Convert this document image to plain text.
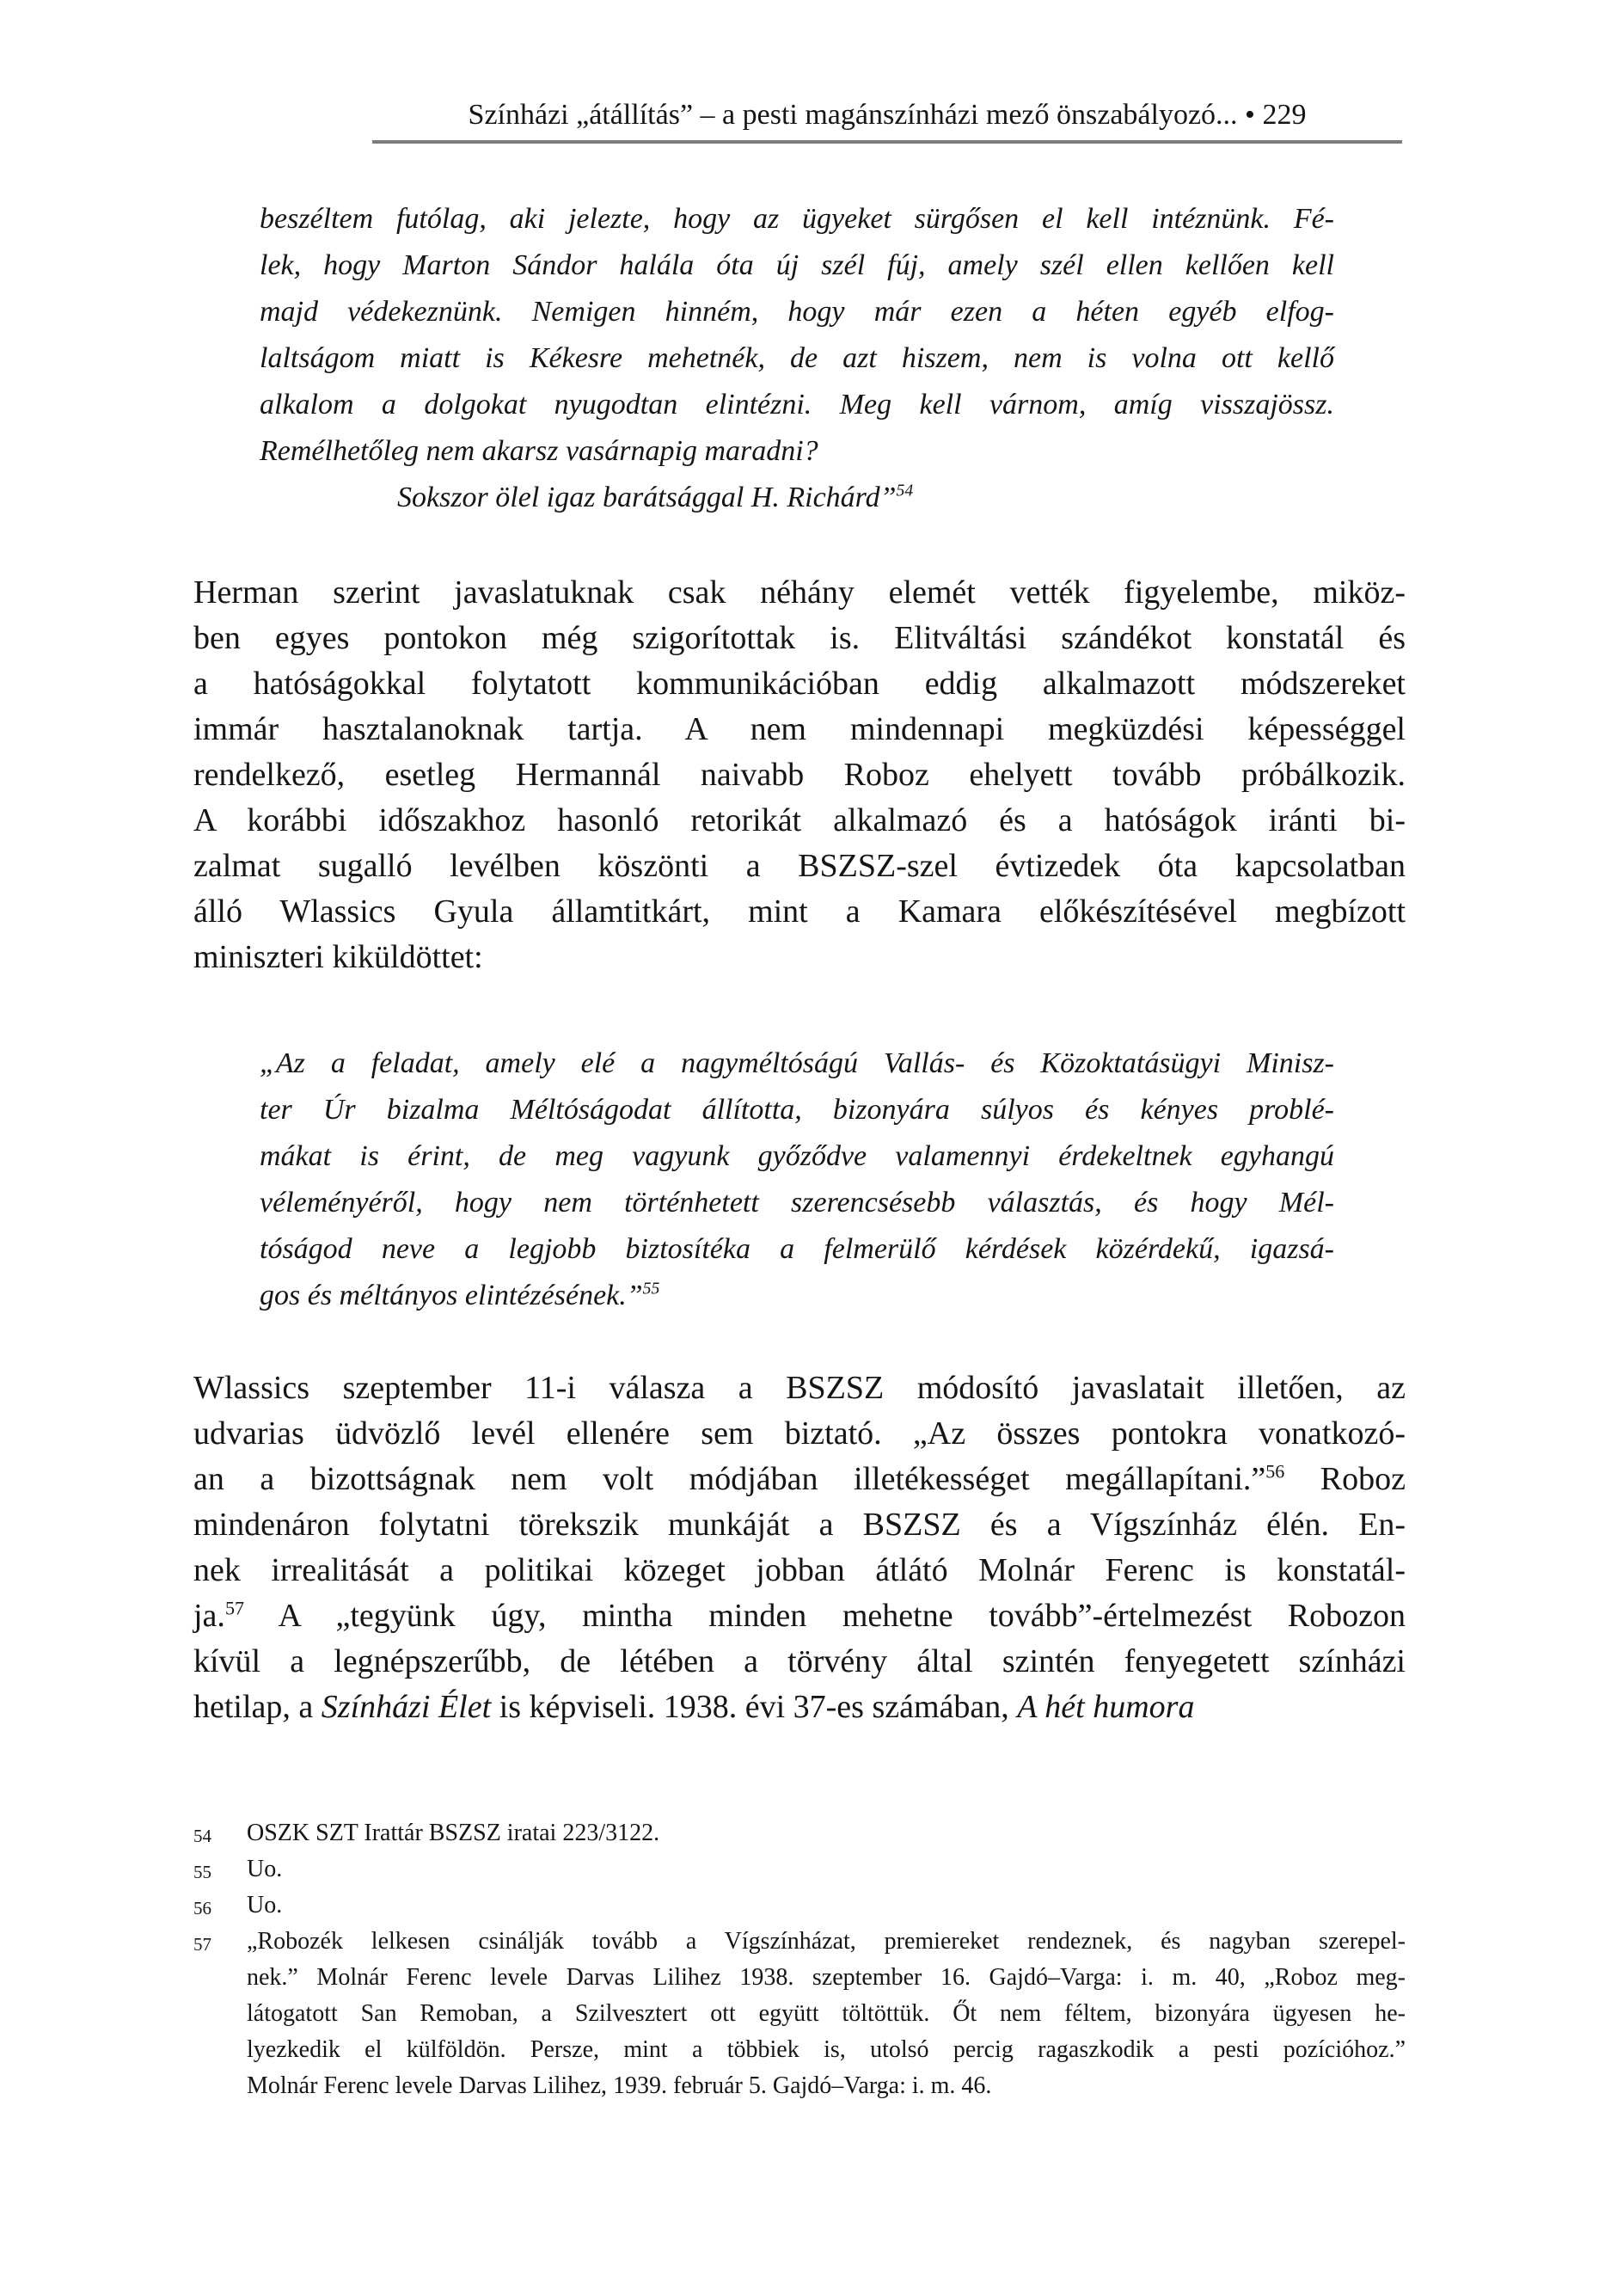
Színházi „átállítás” – a pesti magánszínházi mező önszabályozó... • 229
beszéltem futólag, aki jelezte, hogy az ügyeket sürgősen el kell intéznünk. Fé-
lek, hogy Marton Sándor halála óta új szél fúj, amely szél ellen kellően kell
majd védekeznünk. Nemigen hinném, hogy már ezen a héten egyéb elfog-
laltságom miatt is Kékesre mehetnék, de azt hiszem, nem is volna ott kellő
alkalom a dolgokat nyugodtan elintézni. Meg kell várnom, amíg visszajössz.
Remélhetőleg nem akarsz vasárnapig maradni?
Sokszor ölel igaz barátsággal H. Richárd”$^{54}$
Herman szerint javaslatuknak csak néhány elemét vették figyelembe, miköz-
ben egyes pontokon még szigorítottak is. Elitváltási szándékot konstatál és
a hatóságokkal folytatott kommunikációban eddig alkalmazott módszereket
immár hasztalanoknak tartja. A nem mindennapi megküzdési képességgel
rendelkező, esetleg Hermannál naivabb Roboz ehelyett tovább próbálkozik.
A korábbi időszakhoz hasonló retorikát alkalmazó és a hatóságok iránti bi-
zalmat sugalló levélben köszönti a BSZSZ-szel évtizedek óta kapcsolatban
álló Wlassics Gyula államtitkárt, mint a Kamara előkészítésével megbízott
miniszteri kiküldöttet:
„Az a feladat, amely elé a nagyméltóságú Vallás- és Közoktatásügyi Minisz-
ter Úr bizalma Méltóságodat állította, bizonyára súlyos és kényes problé-
mákat is érint, de meg vagyunk győződve valamennyi érdekeltnek egyhangú
véleményéről, hogy nem történhetett szerencsésebb választás, és hogy Mél-
tóságod neve a legjobb biztosítéka a felmerülő kérdések közérdekű, igazsá-
gos és méltányos elintézésének.”$^{55}$
Wlassics szeptember 11-i válasza a BSZSZ módosító javaslatait illetően, az
udvarias üdvözlő levél ellenére sem biztató. „Az összes pontokra vonatkozó-
an a bizottságnak nem volt módjában illetékességet megállapítani.”$^{56}$ Roboz
mindenáron folytatni törekszik munkáját a BSZSZ és a Vígszínház élén. En-
nek irrealitását a politikai közeget jobban átlátó Molnár Ferenc is konstatál-
ja.$^{57}$ A „tegyünk úgy, mintha minden mehetne tovább”-értelmezést Robozon
kívül a legnépszerűbb, de létében a törvény által szintén fenyegetett színházi
hetilap, a Színházi Élet is képviseli. 1938. évi 37-es számában, A hét humora
54 OSZK SZT Irattár BSZSZ iratai 223/3122.
55 Uo.
56 Uo.
57 „Robozék lelkesen csinálják tovább a Vígszínházat, premiereket rendeznek, és nagyban szerepel-
nek.” Molnár Ferenc levele Darvas Lilihez 1938. szeptember 16. Gajdó–Varga: i. m. 40, „Roboz meg-
látogatott San Remoban, a Szilvesztert ott együtt töltöttük. Őt nem féltem, bizonyára ügyesen he-
lyezkedik el külföldön. Persze, mint a többiek is, utolsó percig ragaszkodik a pesti pozícióhoz.”
Molnár Ferenc levele Darvas Lilihez, 1939. február 5. Gajdó–Varga: i. m. 46.
